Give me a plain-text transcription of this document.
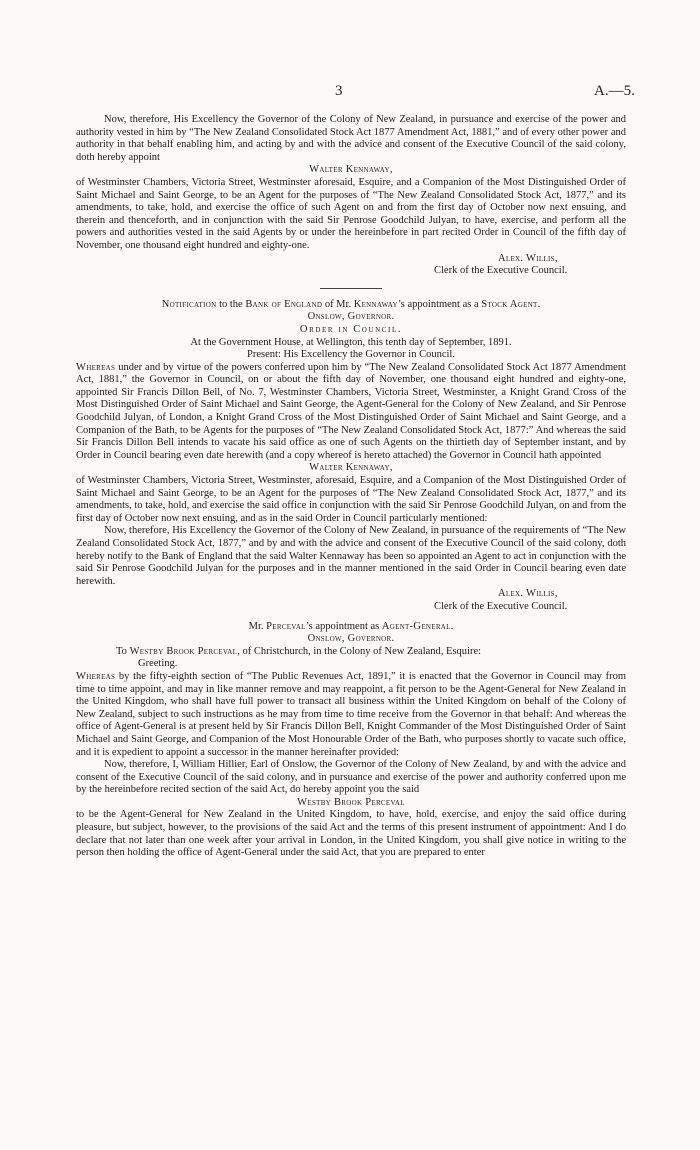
3	A.—5.

Now, therefore, His Excellency the Governor of the Colony of New Zealand, in pursuance and exercise of the power and authority vested in him by “The New Zealand Consolidated Stock Act 1877 Amendment Act, 1881,” and of every other power and authority in that behalf enabling him, and acting by and with the advice and consent of the Executive Council of the said colony, doth hereby appoint

Walter Kennaway,

of Westminster Chambers, Victoria Street, Westminster aforesaid, Esquire, and a Companion of the Most Distinguished Order of Saint Michael and Saint George, to be an Agent for the purposes of “The New Zealand Consolidated Stock Act, 1877,” and its amendments, to take, hold, and exercise the office of such Agent on and from the first day of October now next ensuing, and therein and thenceforth, and in conjunction with the said Sir Penrose Goodchild Julyan, to have, exercise, and perform all the powers and authorities vested in the said Agents by or under the hereinbefore in part recited Order in Council of the fifth day of November, one thousand eight hundred and eighty-one.

Alex. Willis,
Clerk of the Executive Council.

Notification to the Bank of England of Mr. Kennaway’s appointment as a Stock Agent.

Onslow, Governor.

Order in Council.

At the Government House, at Wellington, this tenth day of September, 1891.

Present: His Excellency the Governor in Council.

Whereas under and by virtue of the powers conferred upon him by “The New Zealand Consolidated Stock Act 1877 Amendment Act, 1881,” the Governor in Council, on or about the fifth day of November, one thousand eight hundred and eighty-one, appointed Sir Francis Dillon Bell, of No. 7, Westminster Chambers, Victoria Street, Westminster, a Knight Grand Cross of the Most Distinguished Order of Saint Michael and Saint George, the Agent-General for the Colony of New Zealand, and Sir Penrose Goodchild Julyan, of London, a Knight Grand Cross of the Most Distinguished Order of Saint Michael and Saint George, and a Companion of the Bath, to be Agents for the purposes of “The New Zealand Consolidated Stock Act, 1877:” And whereas the said Sir Francis Dillon Bell intends to vacate his said office as one of such Agents on the thirtieth day of September instant, and by Order in Council bearing even date herewith (and a copy whereof is hereto attached) the Governor in Council hath appointed

Walter Kennaway,

of Westminster Chambers, Victoria Street, Westminster, aforesaid, Esquire, and a Companion of the Most Distinguished Order of Saint Michael and Saint George, to be an Agent for the purposes of “The New Zealand Consolidated Stock Act, 1877,” and its amendments, to take, hold, and exercise the said office in conjunction with the said Sir Penrose Goodchild Julyan, on and from the first day of October now next ensuing, and as in the said Order in Council particularly mentioned:

Now, therefore, His Excellency the Governor of the Colony of New Zealand, in pursuance of the requirements of “The New Zealand Consolidated Stock Act, 1877,” and by and with the advice and consent of the Executive Council of the said colony, doth hereby notify to the Bank of England that the said Walter Kennaway has been so appointed an Agent to act in conjunction with the said Sir Penrose Goodchild Julyan for the purposes and in the manner mentioned in the said Order in Council bearing even date herewith.

Alex. Willis,
Clerk of the Executive Council.

Mr. Perceval’s appointment as Agent-General.

Onslow, Governor.

To Westby Brook Perceval, of Christchurch, in the Colony of New Zealand, Esquire:

Greeting.

Whereas by the fifty-eighth section of “The Public Revenues Act, 1891,” it is enacted that the Governor in Council may from time to time appoint, and may in like manner remove and may reappoint, a fit person to be the Agent-General for New Zealand in the United Kingdom, who shall have full power to transact all business within the United Kingdom on behalf of the Colony of New Zealand, subject to such instructions as he may from time to time receive from the Governor in that behalf: And whereas the office of Agent-General is at present held by Sir Francis Dillon Bell, Knight Commander of the Most Distinguished Order of Saint Michael and Saint George, and Companion of the Most Honourable Order of the Bath, who purposes shortly to vacate such office, and it is expedient to appoint a successor in the manner hereinafter provided:

Now, therefore, I, William Hillier, Earl of Onslow, the Governor of the Colony of New Zealand, by and with the advice and consent of the Executive Council of the said colony, and in pursuance and exercise of the power and authority conferred upon me by the hereinbefore recited section of the said Act, do hereby appoint you the said

Westby Brook Perceval

to be the Agent-General for New Zealand in the United Kingdom, to have, hold, exercise, and enjoy the said office during pleasure, but subject, however, to the provisions of the said Act and the terms of this present instrument of appointment: And I do declare that not later than one week after your arrival in London, in the United Kingdom, you shall give notice in writing to the person then holding the office of Agent-General under the said Act, that you are prepared to enter
